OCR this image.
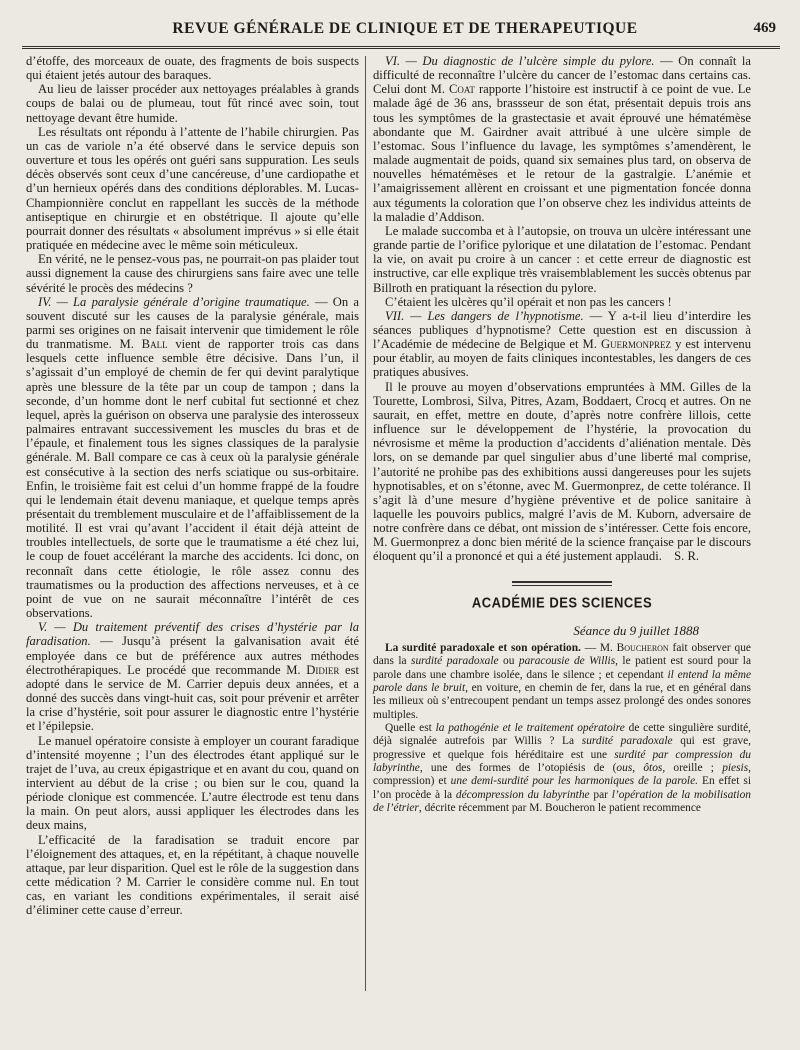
REVUE GÉNÉRALE DE CLINIQUE ET DE THERAPEUTIQUE	469

d’étoffe, des morceaux de ouate, des fragments de bois suspects qui étaient jetés autour des baraques.

Au lieu de laisser procéder aux nettoyages préalables à grands coups de balai ou de plumeau, tout fût rincé avec soin, tout nettoyage devant être humide.

Les résultats ont répondu à l’attente de l’habile chirurgien. Pas un cas de variole n’a été observé dans le service depuis son ouverture et tous les opérés ont guéri sans suppuration. Les seuls décès observés sont ceux d’une cancéreuse, d’une cardiopathe et d’un hernieux opérés dans des conditions déplorables. M. Lucas-Championnière conclut en rappellant les succès de la méthode antiseptique en chirurgie et en obstétrique. Il ajoute qu’elle pourrait donner des résultats « absolument imprévus » si elle était pratiquée en médecine avec le même soin méticuleux.

En vérité, ne le pensez-vous pas, ne pourrait-on pas plaider tout aussi dignement la cause des chirurgiens sans faire avec une telle sévérité le procès des médecins ?

IV. — La paralysie générale d’origine traumatique. — On a souvent discuté sur les causes de la paralysie générale, mais parmi ses origines on ne faisait intervenir que timidement le rôle du tranmatisme. M. Ball vient de rapporter trois cas dans lesquels cette influence semble être décisive. Dans l’un, il s’agissait d’un employé de chemin de fer qui devint paralytique après une blessure de la tête par un coup de tampon ; dans la seconde, d’un homme dont le nerf cubital fut sectionné et chez lequel, après la guérison on observa une paralysie des interosseux palmaires entravant successivement les muscles du bras et de l’épaule, et finalement tous les signes classiques de la paralysie générale. M. Ball compare ce cas à ceux où la paralysie générale est consécutive à la section des nerfs sciatique ou sus-orbitaire. Enfin, le troisième fait est celui d’un homme frappé de la foudre qui le lendemain était devenu maniaque, et quelque temps après présentait du tremblement musculaire et de l’affaiblissement de la motilité. Il est vrai qu’avant l’accident il était déjà atteint de troubles intellectuels, de sorte que le traumatisme a été chez lui, le coup de fouet accélérant la marche des accidents. Ici donc, on reconnaît dans cette étiologie, le rôle assez connu des traumatismes ou la production des affections nerveuses, et à ce point de vue on ne saurait méconnaître l’intérêt de ces observations.

V. — Du traitement préventif des crises d’hystérie par la faradisation. — Jusqu’à présent la galvanisation avait été employée dans ce but de préférence aux autres méthodes électrothérapiques. Le procédé que recommande M. Didier est adopté dans le service de M. Carrier depuis deux années, et a donné des succès dans vingt-huit cas, soit pour prévenir et arrêter la crise d’hystérie, soit pour assurer le diagnostic entre l’hystérie et l’épilepsie.

Le manuel opératoire consiste à employer un courant faradique d’intensité moyenne ; l’un des électrodes étant appliqué sur le trajet de l’uva, au creux épigastrique et en avant du cou, quand on intervient au début de la crise ; ou bien sur le cou, quand la période clonique est commencée. L’autre électrode est tenu dans la main. On peut alors, aussi appliquer les électrodes dans les deux mains,

L’efficacité de la faradisation se traduit encore par l’éloignement des attaques, et, en la répétitant, à chaque nouvelle attaque, par leur disparition. Quel est le rôle de la suggestion dans cette médication ? M. Carrier le considère comme nul. En tout cas, en variant les conditions expérimentales, il serait aisé d’éliminer cette cause d’erreur.

VI. — Du diagnostic de l’ulcère simple du pylore. — On connaît la difficulté de reconnaître l’ulcère du cancer de l’estomac dans certains cas. Celui dont M. Coat rapporte l’histoire est instructif à ce point de vue. Le malade âgé de 36 ans, brassseur de son état, présentait depuis trois ans tous les symptômes de la grastectasie et avait éprouvé une hématémèse abondante que M. Gairdner avait attribué à une ulcère simple de l’estomac. Sous l’influence du lavage, les symptômes s’amendèrent, le malade augmentait de poids, quand six semaines plus tard, on observa de nouvelles hématémèses et le retour de la gastralgie. L’anémie et l’amaigrissement allèrent en croissant et une pigmentation foncée donna aux téguments la coloration que l’on observe chez les individus atteints de la maladie d’Addison.

Le malade succomba et à l’autopsie, on trouva un ulcère intéressant une grande partie de l’orifice pylorique et une dilatation de l’estomac. Pendant la vie, on avait pu croire à un cancer : et cette erreur de diagnostic est instructive, car elle explique très vraisemblablement les succès obtenus par Billroth en pratiquant la résection du pylore.

C’étaient les ulcères qu’il opérait et non pas les cancers !

VII. — Les dangers de l’hypnotisme. — Y a-t-il lieu d’interdire les séances publiques d’hypnotisme? Cette question est en discussion à l’Académie de médecine de Belgique et M. Guermonprez y est intervenu pour établir, au moyen de faits cliniques incontestables, les dangers de ces pratiques abusives.

Il le prouve au moyen d’observations empruntées à MM. Gilles de la Tourette, Lombrosi, Silva, Pitres, Azam, Boddaert, Crocq et autres. On ne saurait, en effet, mettre en doute, d’après notre confrère lillois, cette influence sur le développement de l’hystérie, la provocation du névrosisme et même la production d’accidents d’aliénation mentale. Dès lors, on se demande par quel singulier abus d’une liberté mal comprise, l’autorité ne prohibe pas des exhibitions aussi dangereuses pour les sujets hypnotisables, et on s’étonne, avec M. Guermonprez, de cette tolérance. Il s’agit là d’une mesure d’hygiène préventive et de police sanitaire à laquelle les pouvoirs publics, malgré l’avis de M. Kuborn, adversaire de notre confrère dans ce débat, ont mission de s’intéresser. Cette fois encore, M. Guermonprez a donc bien mérité de la science française par le discours éloquent qu’il a prononcé et qui a été justement applaudi. S. R.

ACADÉMIE DES SCIENCES
Séance du 9 juillet 1888

La surdité paradoxale et son opération. — M. Boucheron fait observer que dans la surdité paradoxale ou paracousie de Willis, le patient est sourd pour la parole dans une chambre isolée, dans le silence ; et cependant il entend la même parole dans le bruit, en voiture, en chemin de fer, dans la rue, et en général dans les milieux où s’entrecoupent pendant un temps assez prolongé des ondes sonores multiples.

Quelle est la pathogénie et le traitement opératoire de cette singulière surdité, déjà signalée autrefois par Willis ? La surdité paradoxale qui est grave, progressive et quelque fois héréditaire est une surdité par compression du labyrinthe, une des formes de l’otopiésis de (ous, ôtos, oreille ; piesis, compression) et une demi-surdité pour les harmoniques de la parole. En effet si l’on procède à la décompression du labyrinthe par l’opération de la mobilisation de l’étrier, décrite récemment par M. Boucheron le patient recommence
